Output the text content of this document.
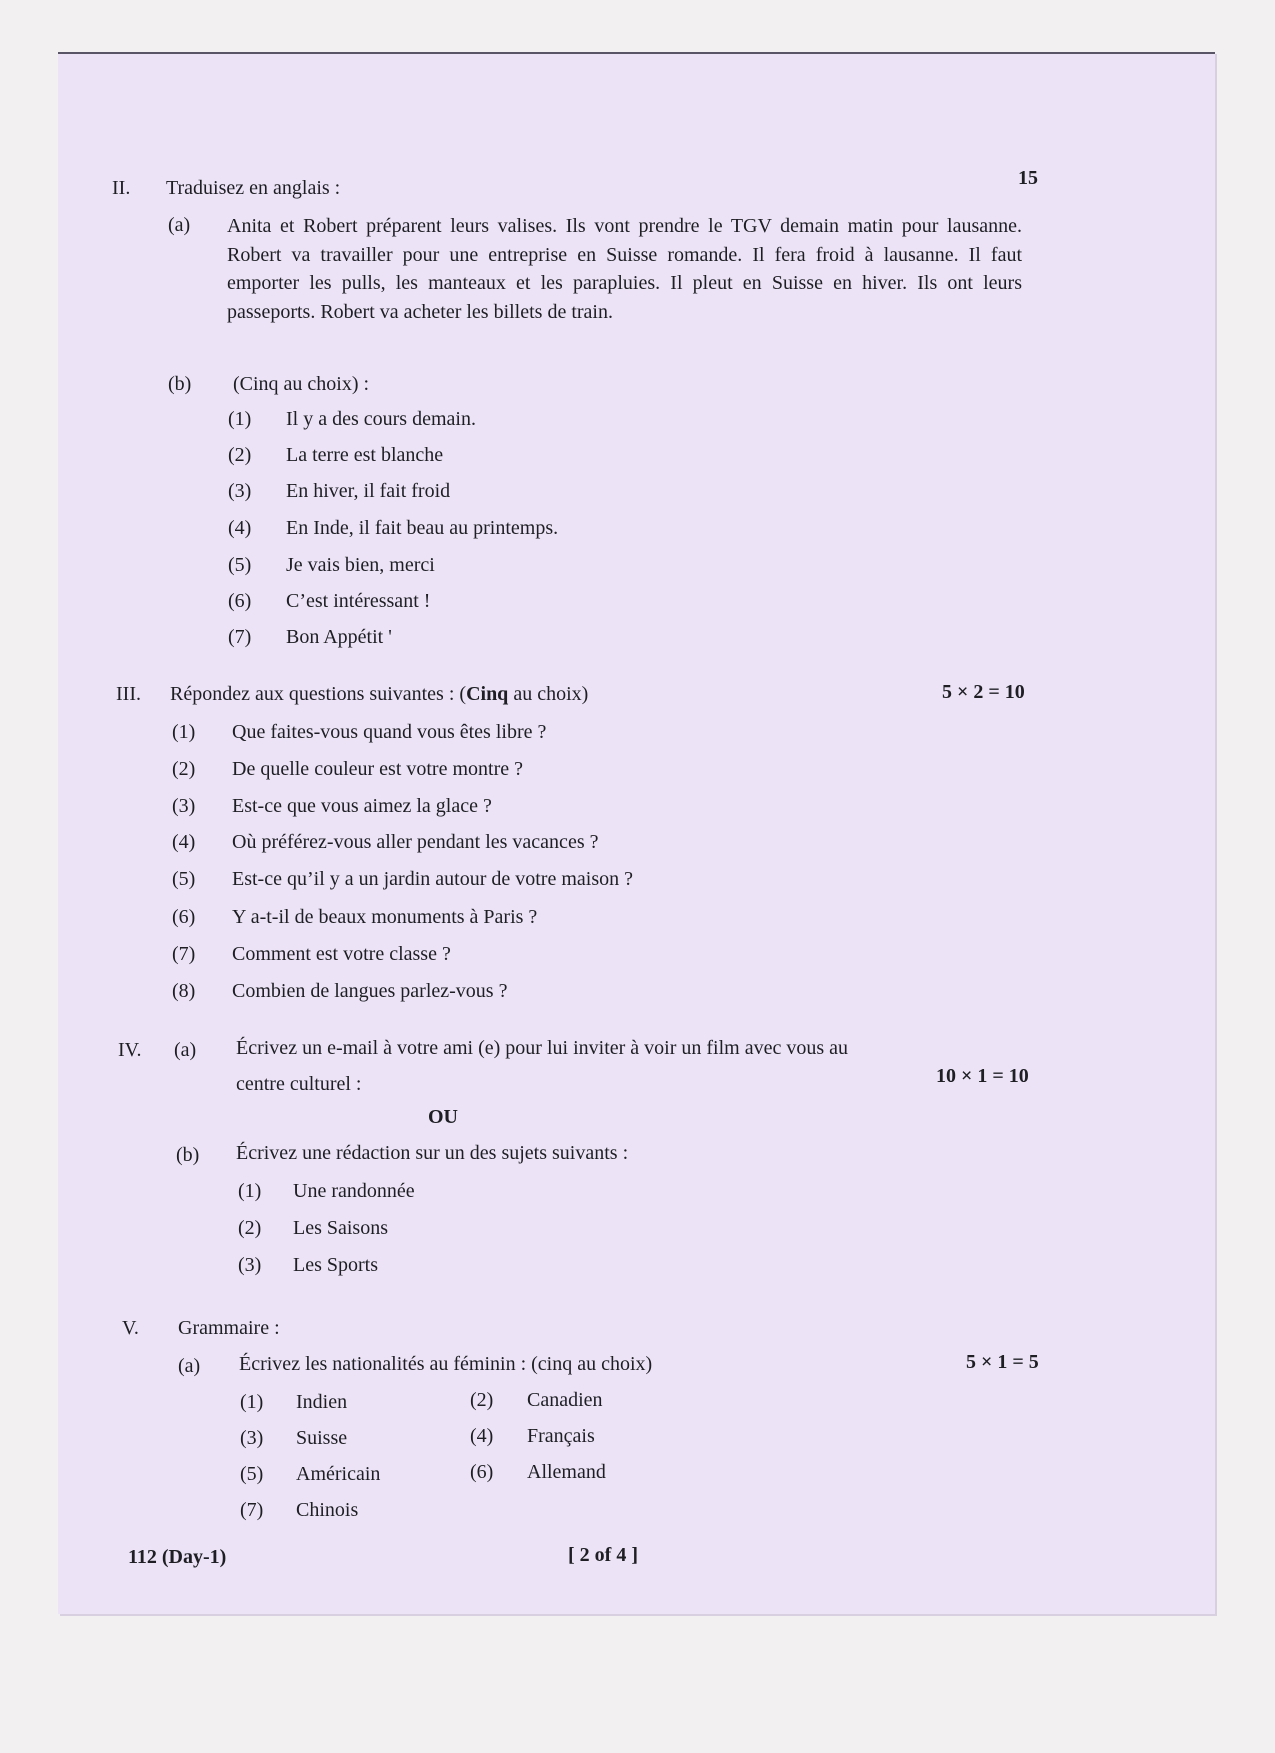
15
II. Traduisez en anglais :
(a) Anita et Robert préparent leurs valises. Ils vont prendre le TGV demain matin pour lausanne. Robert va travailler pour une entreprise en Suisse romande. Il fera froid à lausanne. Il faut emporter les pulls, les manteaux et les parapluies. Il pleut en Suisse en hiver. Ils ont leurs passeports. Robert va acheter les billets de train.
(b) (Cinq au choix) :
(1) Il y a des cours demain.
(2) La terre est blanche
(3) En hiver, il fait froid
(4) En Inde, il fait beau au printemps.
(5) Je vais bien, merci
(6) C’est intéressant !
(7) Bon Appétit '
III. Répondez aux questions suivantes : (Cinq au choix)	5 × 2 = 10
(1) Que faites-vous quand vous êtes libre ?
(2) De quelle couleur est votre montre ?
(3) Est-ce que vous aimez la glace ?
(4) Où préférez-vous aller pendant les vacances ?
(5) Est-ce qu’il y a un jardin autour de votre maison ?
(6) Y a-t-il de beaux monuments à Paris ?
(7) Comment est votre classe ?
(8) Combien de langues parlez-vous ?
IV. (a) Écrivez un e-mail à votre ami (e) pour lui inviter à voir un film avec vous au
centre culturel :	10 × 1 = 10
OU
(b) Écrivez une rédaction sur un des sujets suivants :
(1) Une randonnée
(2) Les Saisons
(3) Les Sports
V. Grammaire :
(a) Écrivez les nationalités au féminin : (cinq au choix)	5 × 1 = 5
(1) Indien	(2) Canadien
(3) Suisse	(4) Français
(5) Américain	(6) Allemand
(7) Chinois
112 (Day-1)	[ 2 of 4 ]
